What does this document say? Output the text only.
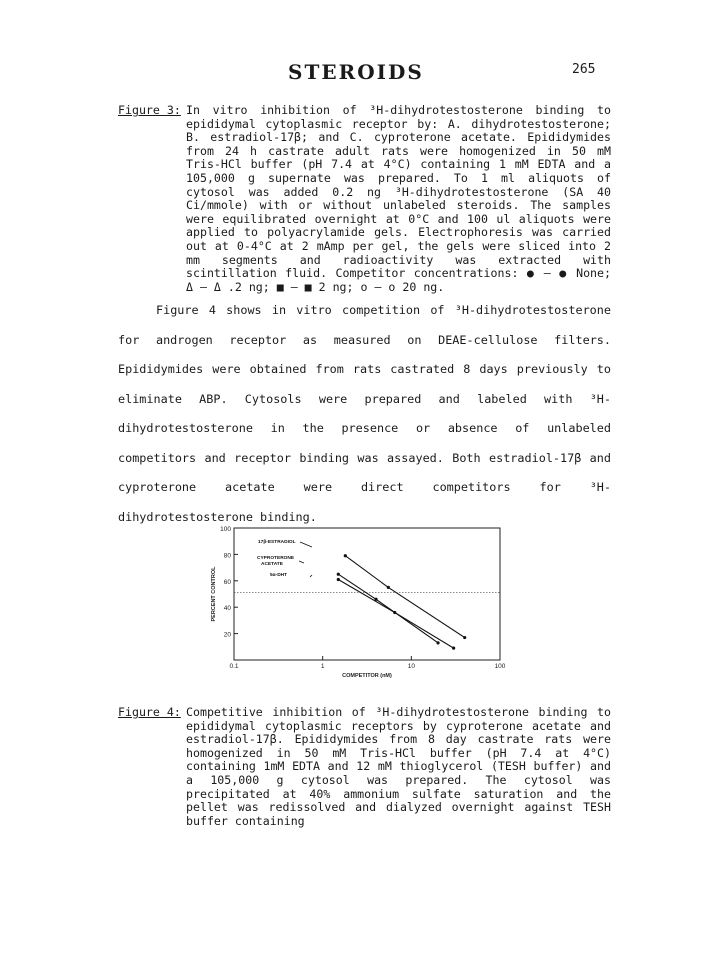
STEROIDS	265
Figure 3: In vitro inhibition of ³H-dihydrotestosterone binding to epididymal cytoplasmic receptor by: A. dihydrotestosterone; B. estradiol-17β; and C. cyproterone acetate. Epididymides from 24 h castrate adult rats were homogenized in 50 mM Tris-HCl buffer (pH 7.4 at 4°C) containing 1 mM EDTA and a 105,000 g supernate was prepared. To 1 ml aliquots of cytosol was added 0.2 ng ³H-dihydrotestosterone (SA 40 Ci/mmole) with or without unlabeled steroids. The samples were equilibrated overnight at 0°C and 100 ul aliquots were applied to polyacrylamide gels. Electrophoresis was carried out at 0-4°C at 2 mAmp per gel, the gels were sliced into 2 mm segments and radioactivity was extracted with scintillation fluid. Competitor concentrations: ● — ● None; Δ — Δ .2 ng; ■ — ■ 2 ng; o — o 20 ng.
Figure 4 shows in vitro competition of ³H-dihydrotestosterone for androgen receptor as measured on DEAE-cellulose filters. Epididymides were obtained from rats castrated 8 days previously to eliminate ABP. Cytosols were prepared and labeled with ³H-dihydrotestosterone in the presence or absence of unlabeled competitors and receptor binding was assayed. Both estradiol-17β and cyproterone acetate were direct competitors for ³H-dihydrotestosterone binding.
20
40
60
80
100
0.1	1	10	100
COMPETITOR (nM)
PERCENT CONTROL
17β-ESTRADIOL
CYPROTERONE
ACETATE
5α-DHT
Figure 4: Competitive inhibition of ³H-dihydrotestosterone binding to epididymal cytoplasmic receptors by cyproterone acetate and estradiol-17β. Epididymides from 8 day castrate rats were homogenized in 50 mM Tris-HCl buffer (pH 7.4 at 4°C) containing 1mM EDTA and 12 mM thioglycerol (TESH buffer) and a 105,000 g cytosol was prepared. The cytosol was precipitated at 40% ammonium sulfate saturation and the pellet was redissolved and dialyzed overnight against TESH buffer containing
